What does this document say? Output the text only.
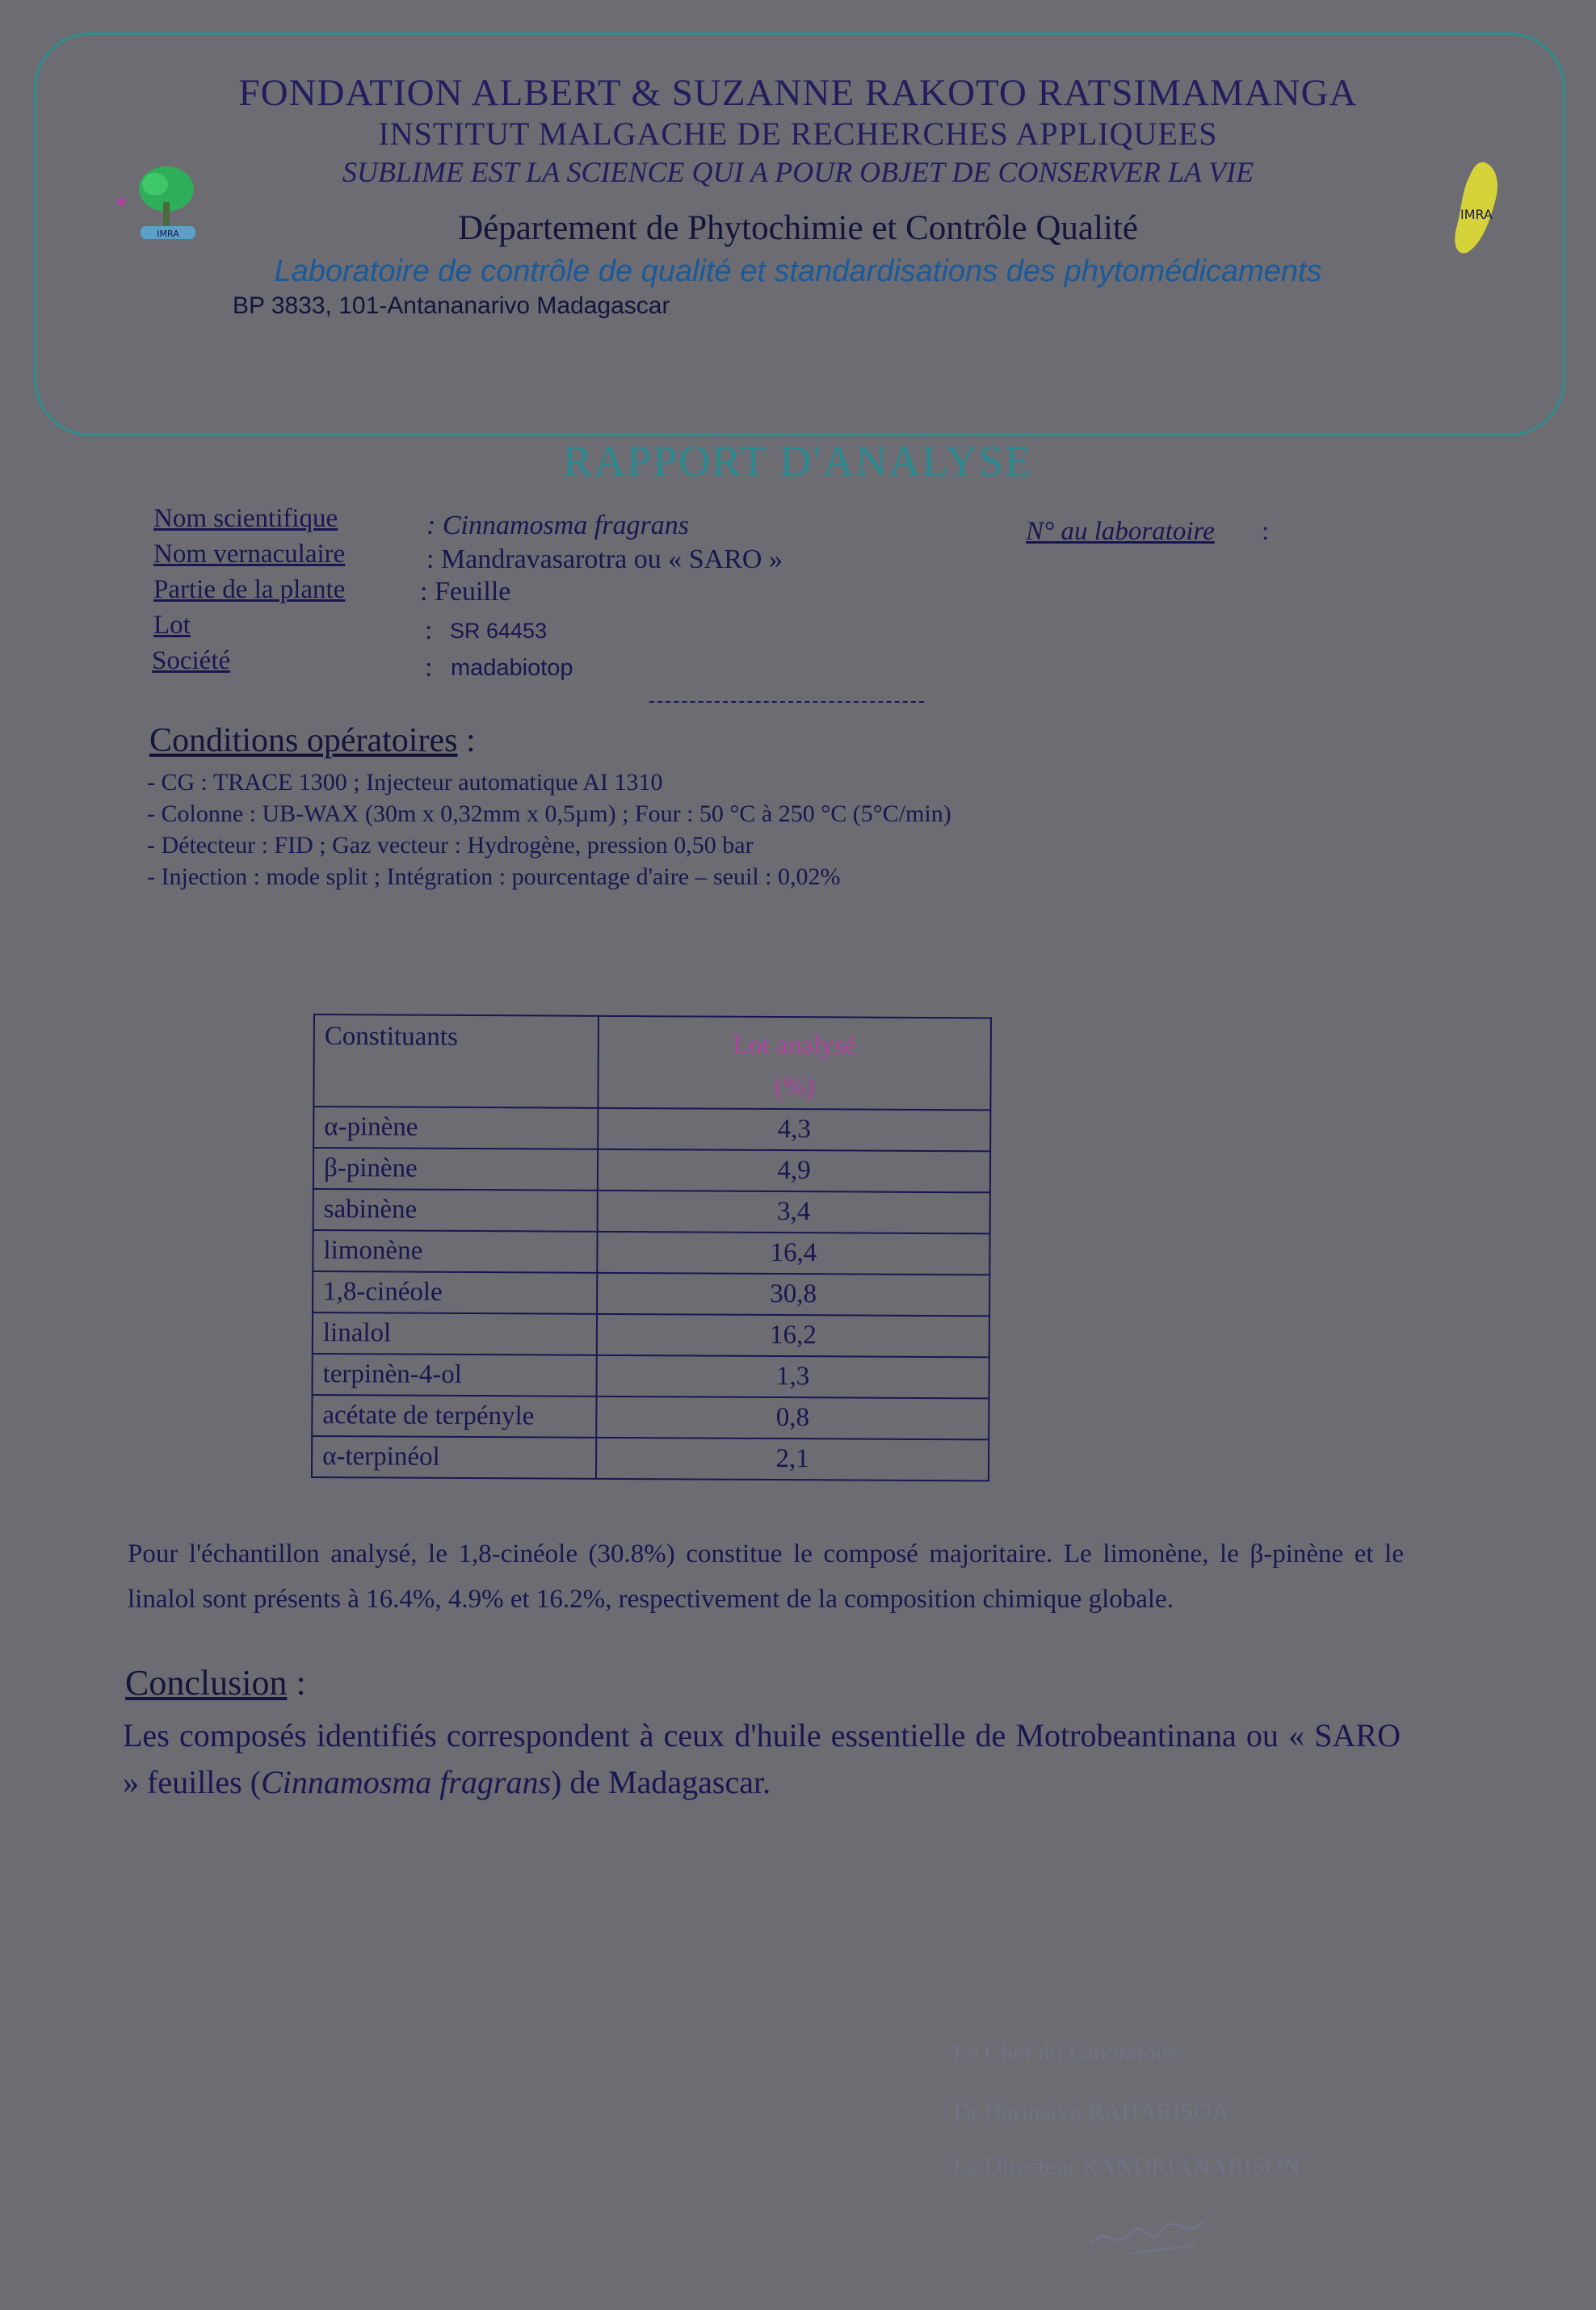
FONDATION ALBERT & SUZANNE RAKOTO RATSIMAMANGA
INSTITUT MALGACHE DE RECHERCHES APPLIQUEES
SUBLIME EST LA SCIENCE QUI A POUR OBJET DE CONSERVER LA VIE
Département de Phytochimie et Contrôle Qualité
Laboratoire de contrôle de qualité et standardisations des phytomédicaments
BP 3833, 101-Antananarivo Madagascar
IMRA
IMRA
RAPPORT D'ANALYSE
Nom scientifique	: Cinnamosma fragrans
Nom vernaculaire	: Mandravasarotra ou « SARO »
Partie de la plante	: Feuille
Lot	: SR 64453
Société	: madabiotop
N° au laboratoire :
Conditions opératoires :
- CG : TRACE 1300 ; Injecteur automatique AI 1310
- Colonne : UB-WAX (30m x 0,32mm x 0,5µm) ; Four : 50 °C à 250 °C (5°C/min)
- Détecteur : FID ; Gaz vecteur : Hydrogène, pression 0,50 bar
- Injection : mode split ; Intégration : pourcentage d'aire – seuil : 0,02%
Constituants	Lot analysé
(%)
α-pinène	4,3
β-pinène	4,9
sabinène	3,4
limonène	16,4
1,8-cinéole	30,8
linalol	16,2
terpinèn-4-ol	1,3
acétate de terpényle	0,8
α-terpinéol	2,1
Pour l'échantillon analysé, le 1,8-cinéole (30.8%) constitue le composé majoritaire. Le limonène, le β-pinène et le linalol sont présents à 16.4%, 4.9% et 16.2%, respectivement de la composition chimique globale.
Conclusion :
Les composés identifiés correspondent à ceux d'huile essentielle de Motrobeantinana ou « SARO » feuilles (Cinnamosma fragrans) de Madagascar.
Le Chef du Laboratoire
Dr Harinaivo RAHARISOA
Le Directeur RANDRIANARISON
